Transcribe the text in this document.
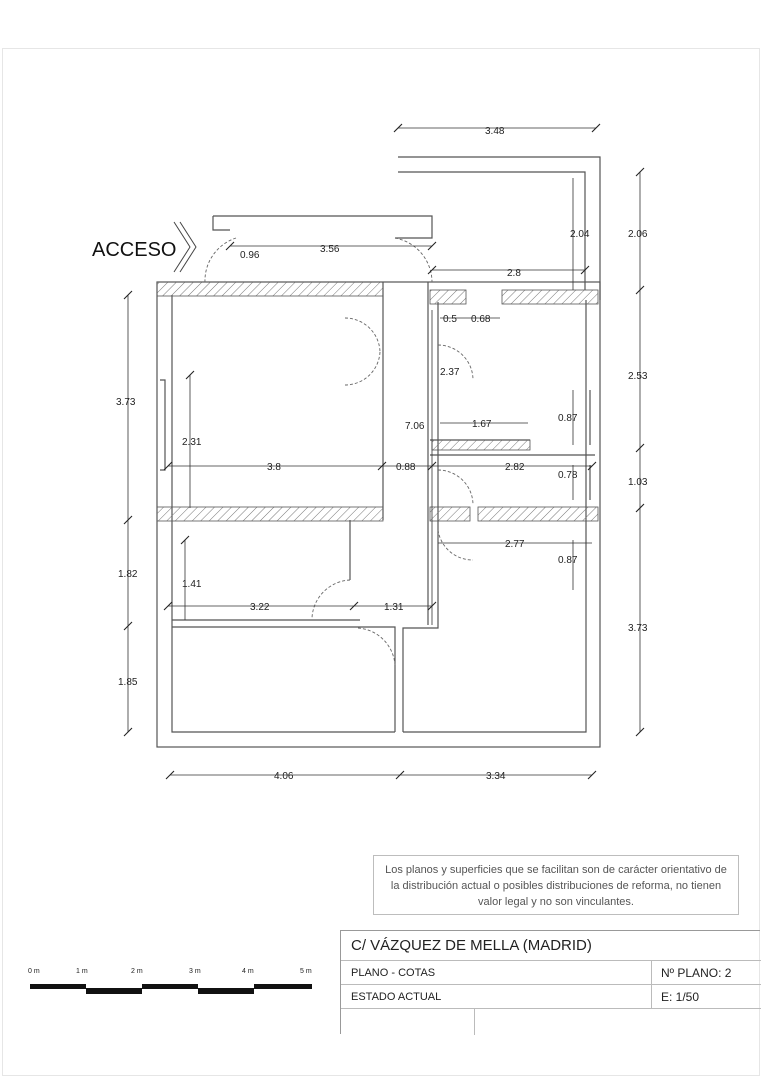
ACCESO
3.48
2.04	2.06
0.96
3.56
2.8
0.5 0.68
3.73
2.37	2.53
0.87
7.06	1.67
2.31
3.8	0.88	2.82
0.78
1.03
2.77
0.87
1.82
1.41
3.22	1.31
3.73
1.85
4.06	3.34
Los planos y superficies que se facilitan son de carácter orientativo de
la distribución actual o posibles distribuciones de reforma, no tienen
valor legal y no son vinculantes.
0 m	1 m	2 m	3 m	4 m	5 m
C/ VÁZQUEZ DE MELLA (MADRID)
PLANO - COTAS	Nº PLANO: 2
ESTADO ACTUAL	E: 1/50
